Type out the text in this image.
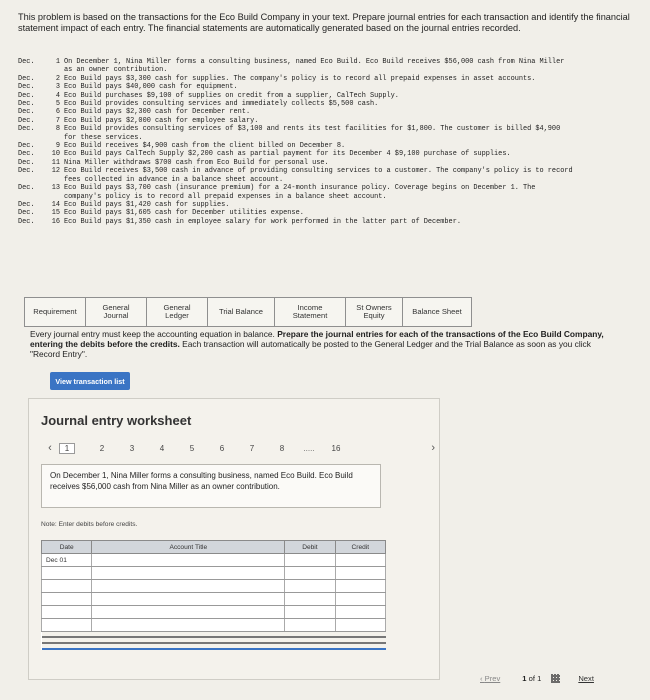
This problem is based on the transactions for the Eco Build Company in your text. Prepare journal entries for each transaction and identify the financial statement impact of each entry. The financial statements are automatically generated based on the journal entries recorded.
Dec.	1 On December 1, Nina Miller forms a consulting business, named Eco Build. Eco Build receives $56,000 cash from Nina Miller
as an owner contribution.
Dec.	2 Eco Build pays $3,300 cash for supplies. The company's policy is to record all prepaid expenses in asset accounts.
Dec.	3 Eco Build pays $40,000 cash for equipment.
Dec.	4 Eco Build purchases $9,100 of supplies on credit from a supplier, CalTech Supply.
Dec.	5 Eco Build provides consulting services and immediately collects $5,500 cash.
Dec.	6 Eco Build pays $2,300 cash for December rent.
Dec.	7 Eco Build pays $2,000 cash for employee salary.
Dec.	8 Eco Build provides consulting services of $3,100 and rents its test facilities for $1,800. The customer is billed $4,900
for these services.
Dec.	9 Eco Build receives $4,900 cash from the client billed on December 8.
Dec.	10 Eco Build pays CalTech Supply $2,200 cash as partial payment for its December 4 $9,100 purchase of supplies.
Dec.	11 Nina Miller withdraws $700 cash from Eco Build for personal use.
Dec.	12 Eco Build receives $3,500 cash in advance of providing consulting services to a customer. The company's policy is to record
fees collected in advance in a balance sheet account.
Dec.	13 Eco Build pays $3,700 cash (insurance premium) for a 24-month insurance policy. Coverage begins on December 1. The
company's policy is to record all prepaid expenses in a balance sheet account.
Dec.	14 Eco Build pays $1,420 cash for supplies.
Dec.	15 Eco Build pays $1,605 cash for December utilities expense.
Dec.	16 Eco Build pays $1,350 cash in employee salary for work performed in the latter part of December.
Requirement	General Journal
General Ledger	Trial Balance	Income Statement
St Owners Equity	Balance Sheet
Every journal entry must keep the accounting equation in balance. Prepare the journal entries for each of the transactions of the Eco Build Company, entering the debits before the credits. Each transaction will automatically be posted to the General Ledger and the Trial Balance as soon as you click "Record Entry".
View transaction list
Journal entry worksheet
‹	1	2	3	4	5	6	7	8	.....	16	›
On December 1, Nina Miller forms a consulting business, named Eco Build. Eco Build receives $56,000 cash from Nina Miller as an owner contribution.
Note: Enter debits before credits.
Date	Account Title	Debit	Credit
Dec 01			

‹ Prev	1 of 1	Next
